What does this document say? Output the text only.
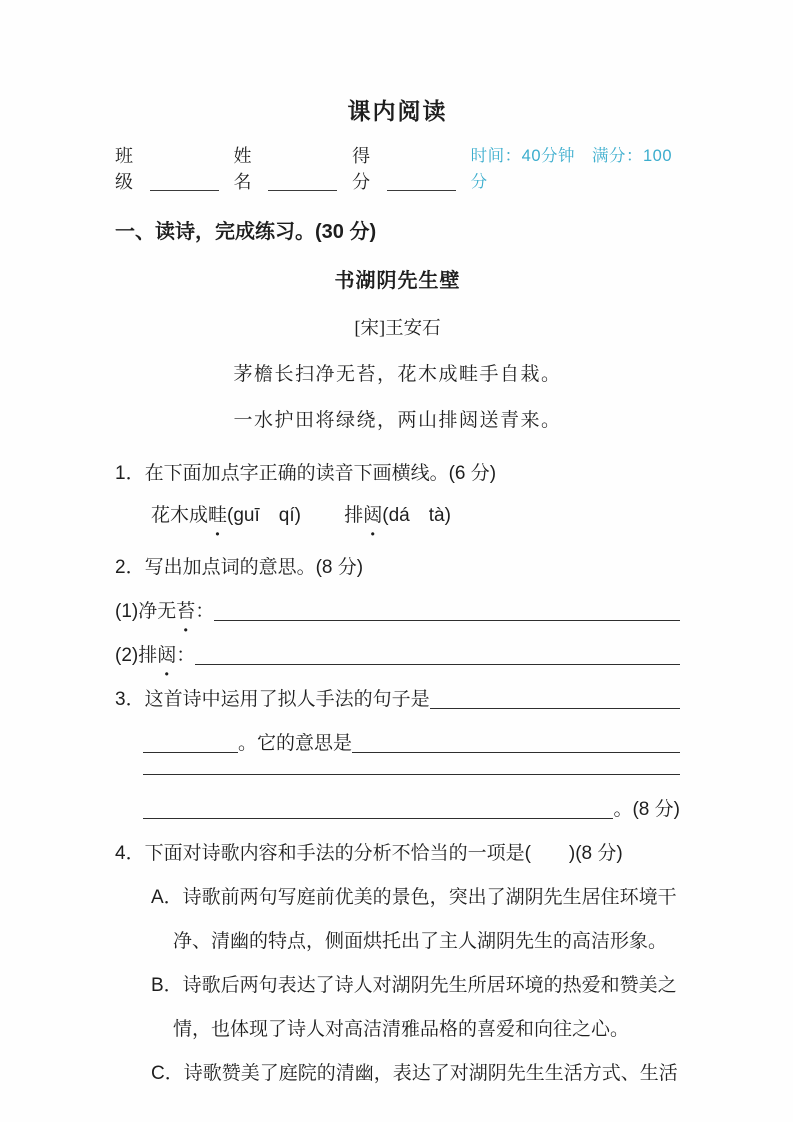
课内阅读
班级
姓名
得分
时间：40分钟　满分：100分
一、读诗，完成练习。(30 分)
书湖阴先生壁
[宋]王安石
茅檐长扫净无苔，花木成畦手自栽。
一水护田将绿绕，两山排闼送青来。
1．在下面加点字正确的读音下画横线。(6 分)
花木成畦(guī　qí) 排闼(dá　tà)
2．写出加点词的意思。(8 分)
(1)净无 苔 • ：
(2)排 闼 • ：
3．这首诗中运用了拟人手法的句子是
。它的意思是
。(8 分)
4．下面对诗歌内容和手法的分析不恰当的一项是(　　)(8 分)
A．诗歌前两句写庭前优美的景色，突出了湖阴先生居住环境干
净、清幽的特点，侧面烘托出了主人湖阴先生的高洁形象。
B．诗歌后两句表达了诗人对湖阴先生所居环境的热爱和赞美之
情，也体现了诗人对高洁清雅品格的喜爱和向往之心。
C．诗歌赞美了庭院的清幽，表达了对湖阴先生生活方式、生活
